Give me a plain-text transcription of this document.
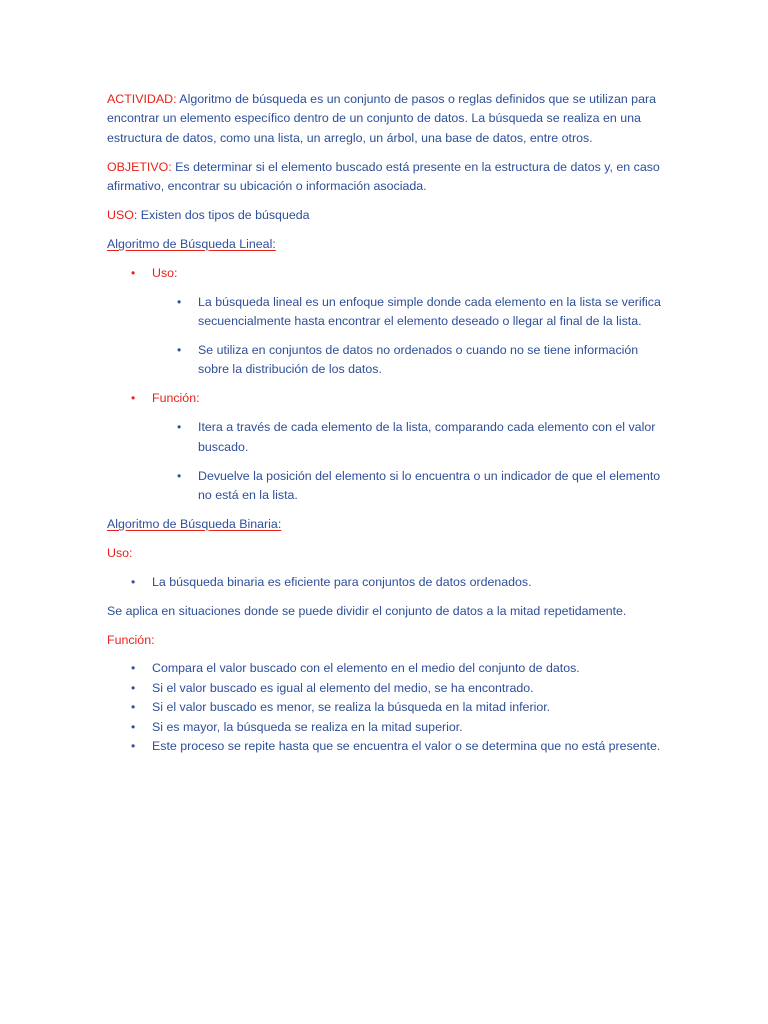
ACTIVIDAD: Algoritmo de búsqueda es un conjunto de pasos o reglas definidos que se utilizan para encontrar un elemento específico dentro de un conjunto de datos. La búsqueda se realiza en una estructura de datos, como una lista, un arreglo, un árbol, una base de datos, entre otros.

OBJETIVO: Es determinar si el elemento buscado está presente en la estructura de datos y, en caso afirmativo, encontrar su ubicación o información asociada.

USO: Existen dos tipos de búsqueda

Algoritmo de Búsqueda Lineal:

• Uso:
• La búsqueda lineal es un enfoque simple donde cada elemento en la lista se verifica secuencialmente hasta encontrar el elemento deseado o llegar al final de la lista.
• Se utiliza en conjuntos de datos no ordenados o cuando no se tiene información sobre la distribución de los datos.
• Función:
• Itera a través de cada elemento de la lista, comparando cada elemento con el valor buscado.
• Devuelve la posición del elemento si lo encuentra o un indicador de que el elemento no está en la lista.

Algoritmo de Búsqueda Binaria:

Uso:

• La búsqueda binaria es eficiente para conjuntos de datos ordenados.

Se aplica en situaciones donde se puede dividir el conjunto de datos a la mitad repetidamente.

Función:

• Compara el valor buscado con el elemento en el medio del conjunto de datos.
• Si el valor buscado es igual al elemento del medio, se ha encontrado.
• Si el valor buscado es menor, se realiza la búsqueda en la mitad inferior.
• Si es mayor, la búsqueda se realiza en la mitad superior.
• Este proceso se repite hasta que se encuentra el valor o se determina que no está presente.
